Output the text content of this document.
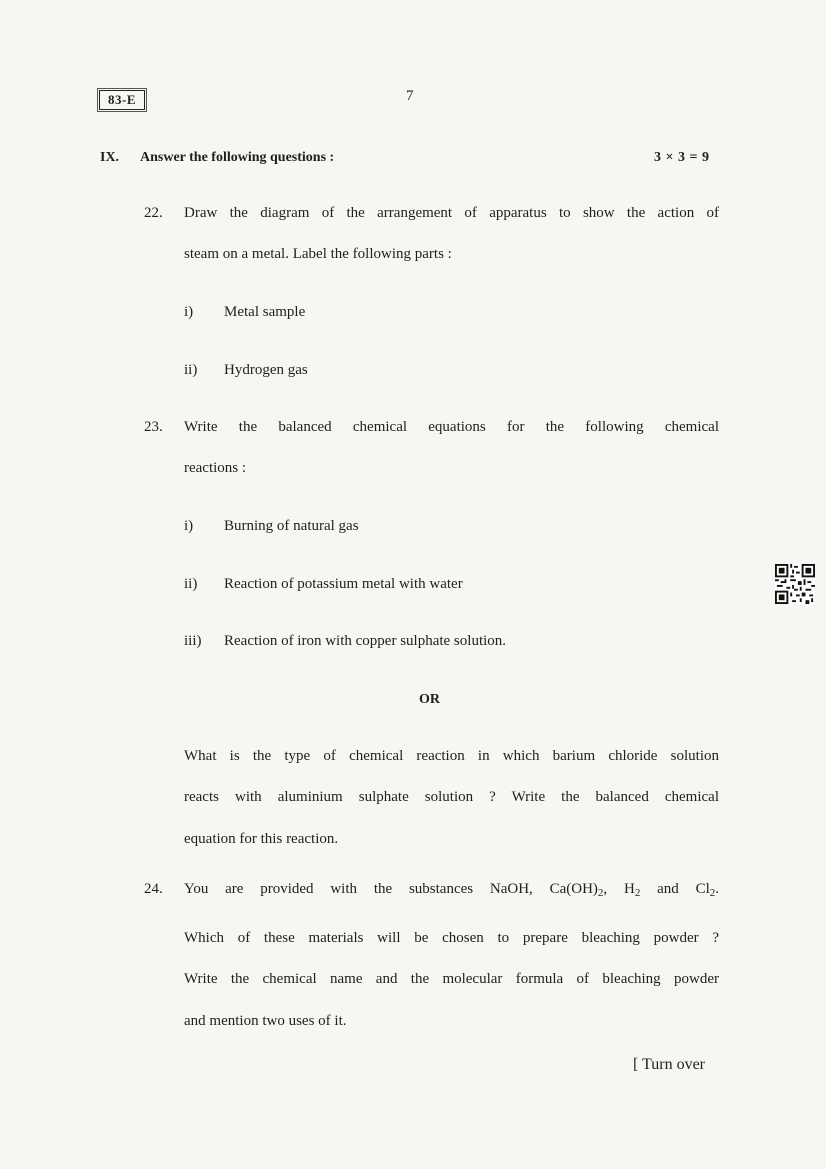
83-E	7
IX. Answer the following questions :	3 × 3 = 9
22. Draw the diagram of the arrangement of apparatus to show the action of
steam on a metal. Label the following parts :
i) Metal sample
ii) Hydrogen gas
23. Write the balanced chemical equations for the following chemical
reactions :
i) Burning of natural gas
ii) Reaction of potassium metal with water
iii) Reaction of iron with copper sulphate solution.
OR
What is the type of chemical reaction in which barium chloride solution
reacts with aluminium sulphate solution ? Write the balanced chemical
equation for this reaction.
24. You are provided with the substances NaOH, $Ca(OH)_2$, $H_2$ and $Cl_2$.
Which of these materials will be chosen to prepare bleaching powder ?
Write the chemical name and the molecular formula of bleaching powder
and mention two uses of it.
[ Turn over
